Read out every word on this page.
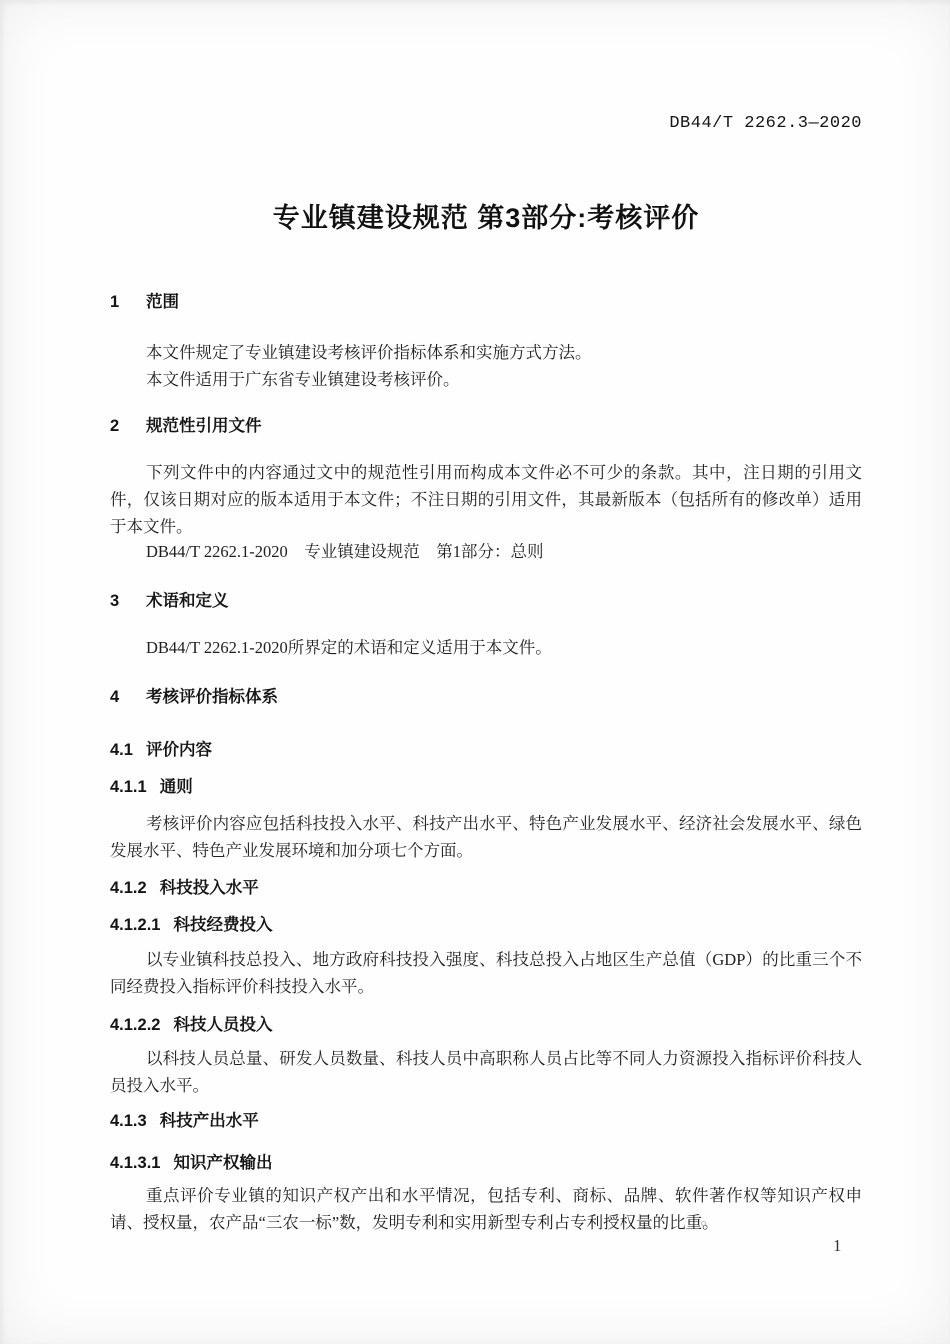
DB44/T 2262.3—2020
专业镇建设规范 第3部分:考核评价
1 范围

本文件规定了专业镇建设考核评价指标体系和实施方式方法。

本文件适用于广东省专业镇建设考核评价。

2 规范性引用文件

下列文件中的内容通过文中的规范性引用而构成本文件必不可少的条款。其中，注日期的引用文件，仅该日期对应的版本适用于本文件；不注日期的引用文件，其最新版本（包括所有的修改单）适用于本文件。

DB44/T 2262.1-2020　专业镇建设规范　第1部分：总则

3 术语和定义

DB44/T 2262.1-2020所界定的术语和定义适用于本文件。

4 考核评价指标体系
4.1 评价内容
4.1.1 通则

考核评价内容应包括科技投入水平、科技产出水平、特色产业发展水平、经济社会发展水平、绿色发展水平、特色产业发展环境和加分项七个方面。

4.1.2 科技投入水平
4.1.2.1 科技经费投入

以专业镇科技总投入、地方政府科技投入强度、科技总投入占地区生产总值（GDP）的比重三个不同经费投入指标评价科技投入水平。

4.1.2.2 科技人员投入

以科技人员总量、研发人员数量、科技人员中高职称人员占比等不同人力资源投入指标评价科技人员投入水平。

4.1.3 科技产出水平
4.1.3.1 知识产权输出

重点评价专业镇的知识产权产出和水平情况，包括专利、商标、品牌、软件著作权等知识产权申请、授权量，农产品“三农一标”数，发明专利和实用新型专利占专利授权量的比重。

1
